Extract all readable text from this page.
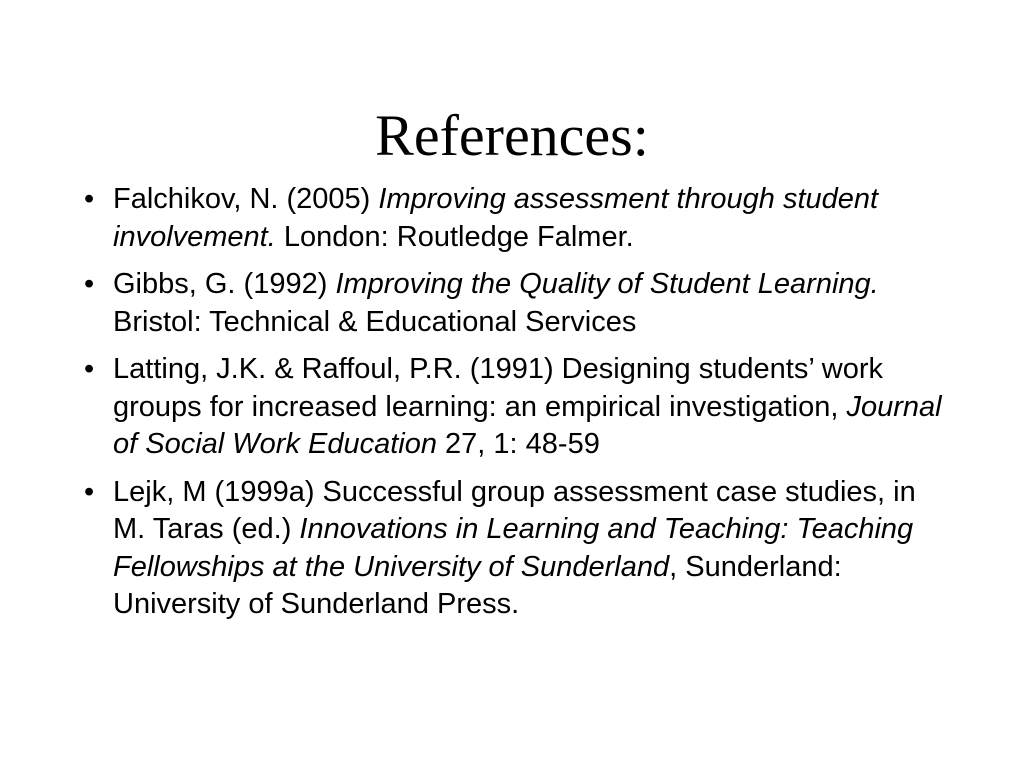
References:
• Falchikov, N. (2005) Improving assessment through student involvement. London: Routledge Falmer.
• Gibbs, G. (1992) Improving the Quality of Student Learning. Bristol: Technical & Educational Services
• Latting, J.K. & Raffoul, P.R. (1991) Designing students’ work groups for increased learning: an empirical investigation, Journal of Social Work Education 27, 1: 48-59
• Lejk, M (1999a) Successful group assessment case studies, in M. Taras (ed.) Innovations in Learning and Teaching: Teaching Fellowships at the University of Sunderland, Sunderland: University of Sunderland Press.
